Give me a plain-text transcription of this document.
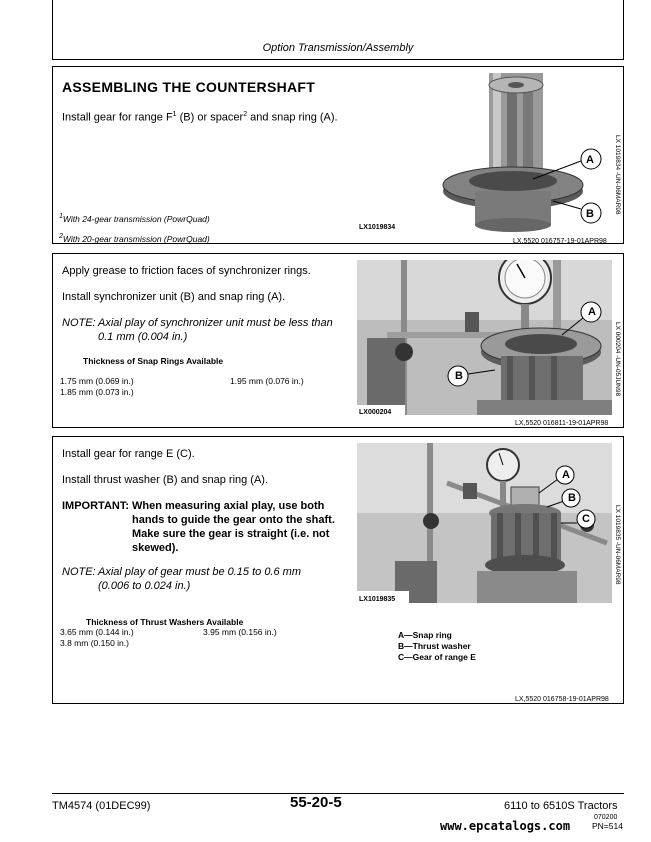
Option Transmission/Assembly
ASSEMBLING THE COUNTERSHAFT
Install gear for range $F^1$ (B) or spacer$^2$ and snap ring (A).
$^1$With 24-gear transmission (PowrQuad)
$^2$With 20-gear transmission (PowrQuad)
A
B
LX1019834
LX 1019834 -UN-06MAR98
LX,5520 016757-19-01APR98
Apply grease to friction faces of synchronizer rings.
Install synchronizer unit (B) and snap ring (A).
NOTE: Axial play of synchronizer unit must be less than
0.1 mm (0.004 in.)
Thickness of Snap Rings Available
1.75 mm (0.069 in.)	1.95 mm (0.076 in.)
1.85 mm (0.073 in.)
A
B
LX000204
LX 000204 -UN-05JUN98
LX,5520 016811-19-01APR98
Install gear for range E (C).
Install thrust washer (B) and snap ring (A).
IMPORTANT: When measuring axial play, use both
hands to guide the gear onto the shaft.
Make sure the gear is straight (i.e. not
skewed).
NOTE: Axial play of gear must be 0.15 to 0.6 mm
(0.006 to 0.024 in.)
Thickness of Thrust Washers Available
3.65 mm (0.144 in.)	3.95 mm (0.156 in.)
3.8 mm (0.150 in.)
A
B
C
LX1019835
LX 1019835 -UN-06MAR98
A—Snap ring
B—Thrust washer
C—Gear of range E
LX,5520 016758-19-01APR98
TM4574 (01DEC99)	55-20-5	6110 to 6510S Tractors
070200
PN=514
www.epcatalogs.com
